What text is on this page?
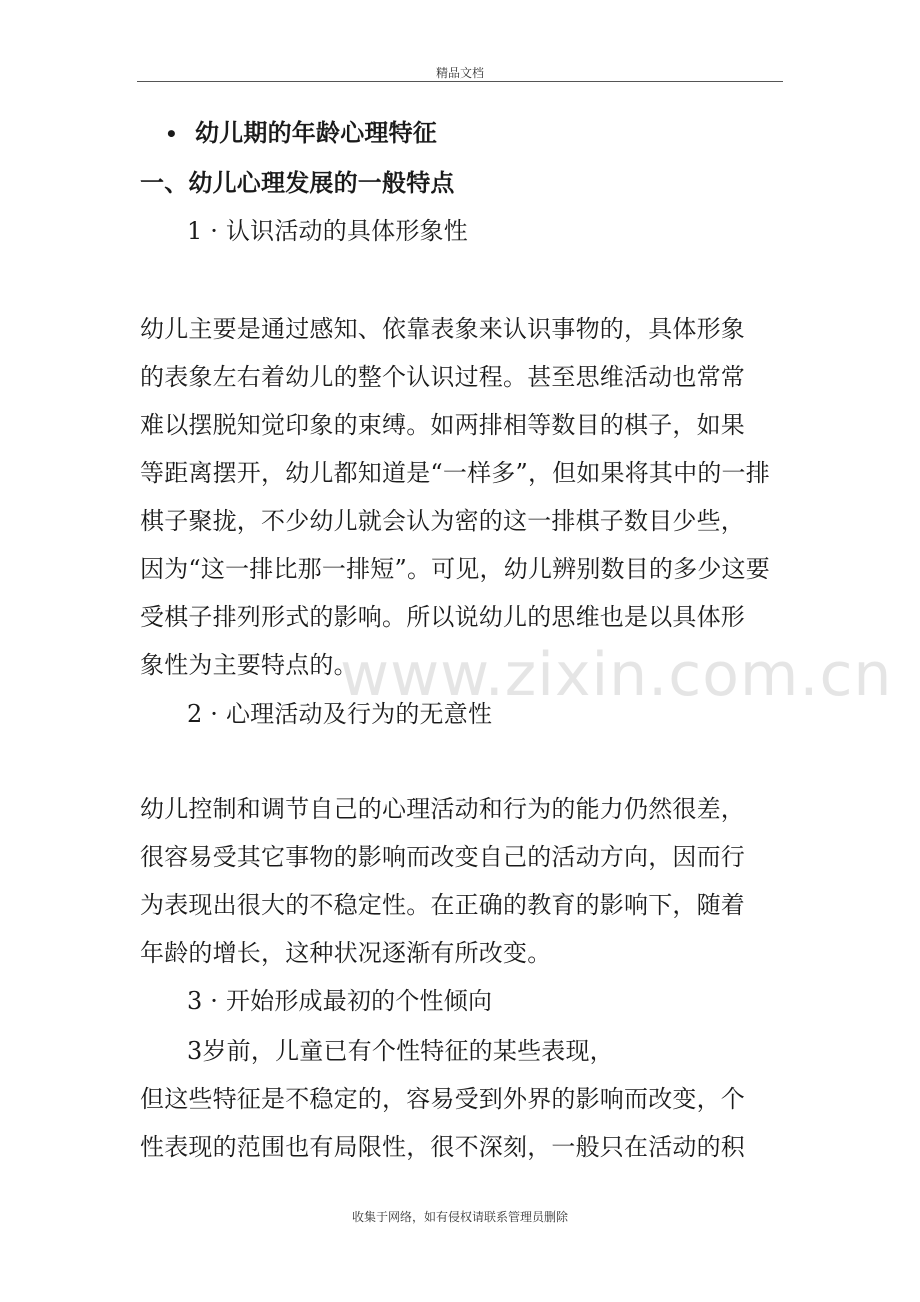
精品文档
• 幼儿期的年龄心理特征
一、幼儿心理发展的一般特点
1 · 认识活动的具体形象性
幼儿主要是通过感知、依靠表象来认识事物的，具体形象
的表象左右着幼儿的整个认识过程。甚至思维活动也常常
难以摆脱知觉印象的束缚。如两排相等数目的棋子，如果
等距离摆开，幼儿都知道是“一样多”，但如果将其中的一排
棋子聚拢，不少幼儿就会认为密的这一排棋子数目少些，
因为“这一排比那一排短”。可见，幼儿辨别数目的多少这要
受棋子排列形式的影响。所以说幼儿的思维也是以具体形
象性为主要特点的。
2 · 心理活动及行为的无意性
幼儿控制和调节自己的心理活动和行为的能力仍然很差，
很容易受其它事物的影响而改变自己的活动方向，因而行
为表现出很大的不稳定性。在正确的教育的影响下，随着
年龄的增长，这种状况逐渐有所改变。
3 · 开始形成最初的个性倾向
3岁前，儿童已有个性特征的某些表现，
但这些特征是不稳定的，容易受到外界的影响而改变，个
性表现的范围也有局限性，很不深刻，一般只在活动的积
www.zixin.com.cn
收集于网络，如有侵权请联系管理员删除
